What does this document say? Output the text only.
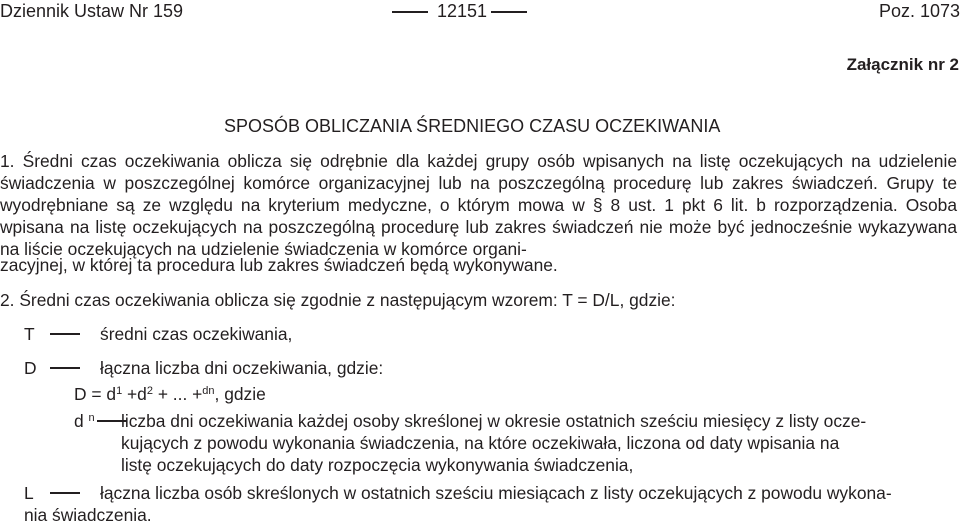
Dziennik Ustaw Nr 159	12151	Poz. 1073
Załącznik nr 2
SPOSÓB OBLICZANIA ŚREDNIEGO CZASU OCZEKIWANIA
1. Średni czas oczekiwania oblicza się odrębnie dla każdej grupy osób wpisanych na listę oczekujących na udzielenie świadczenia w poszczególnej komórce organizacyjnej lub na poszczególną procedurę lub zakres świadczeń. Grupy te wyodrębniane są ze względu na kryterium medyczne, o którym mowa w § 8 ust. 1 pkt 6 lit. b rozporządzenia. Osoba wpisana na listę oczekujących na poszczególną procedurę lub zakres świadczeń nie może być jednocześnie wykazywana na liście oczekujących na udzielenie świadczenia w komórce organi-
zacyjnej, w której ta procedura lub zakres świadczeń będą wykonywane.
2. Średni czas oczekiwania oblicza się zgodnie z następującym wzorem: T = D/L, gdzie:
T	średni czas oczekiwania,
D	łączna liczba dni oczekiwania, gdzie:
$D = d^1 +d^2$ + ... +$^{dn}$, gdzie
d $^n$ liczba dni oczekiwania każdej osoby skreślonej w okresie ostatnich sześciu miesięcy z listy ocze-
kujących z powodu wykonania świadczenia, na które oczekiwała, liczona od daty wpisania na
listę oczekujących do daty rozpoczęcia wykonywania świadczenia,
L	łączna liczba osób skreślonych w ostatnich sześciu miesiącach z listy oczekujących z powodu wykona-
nia świadczenia.
